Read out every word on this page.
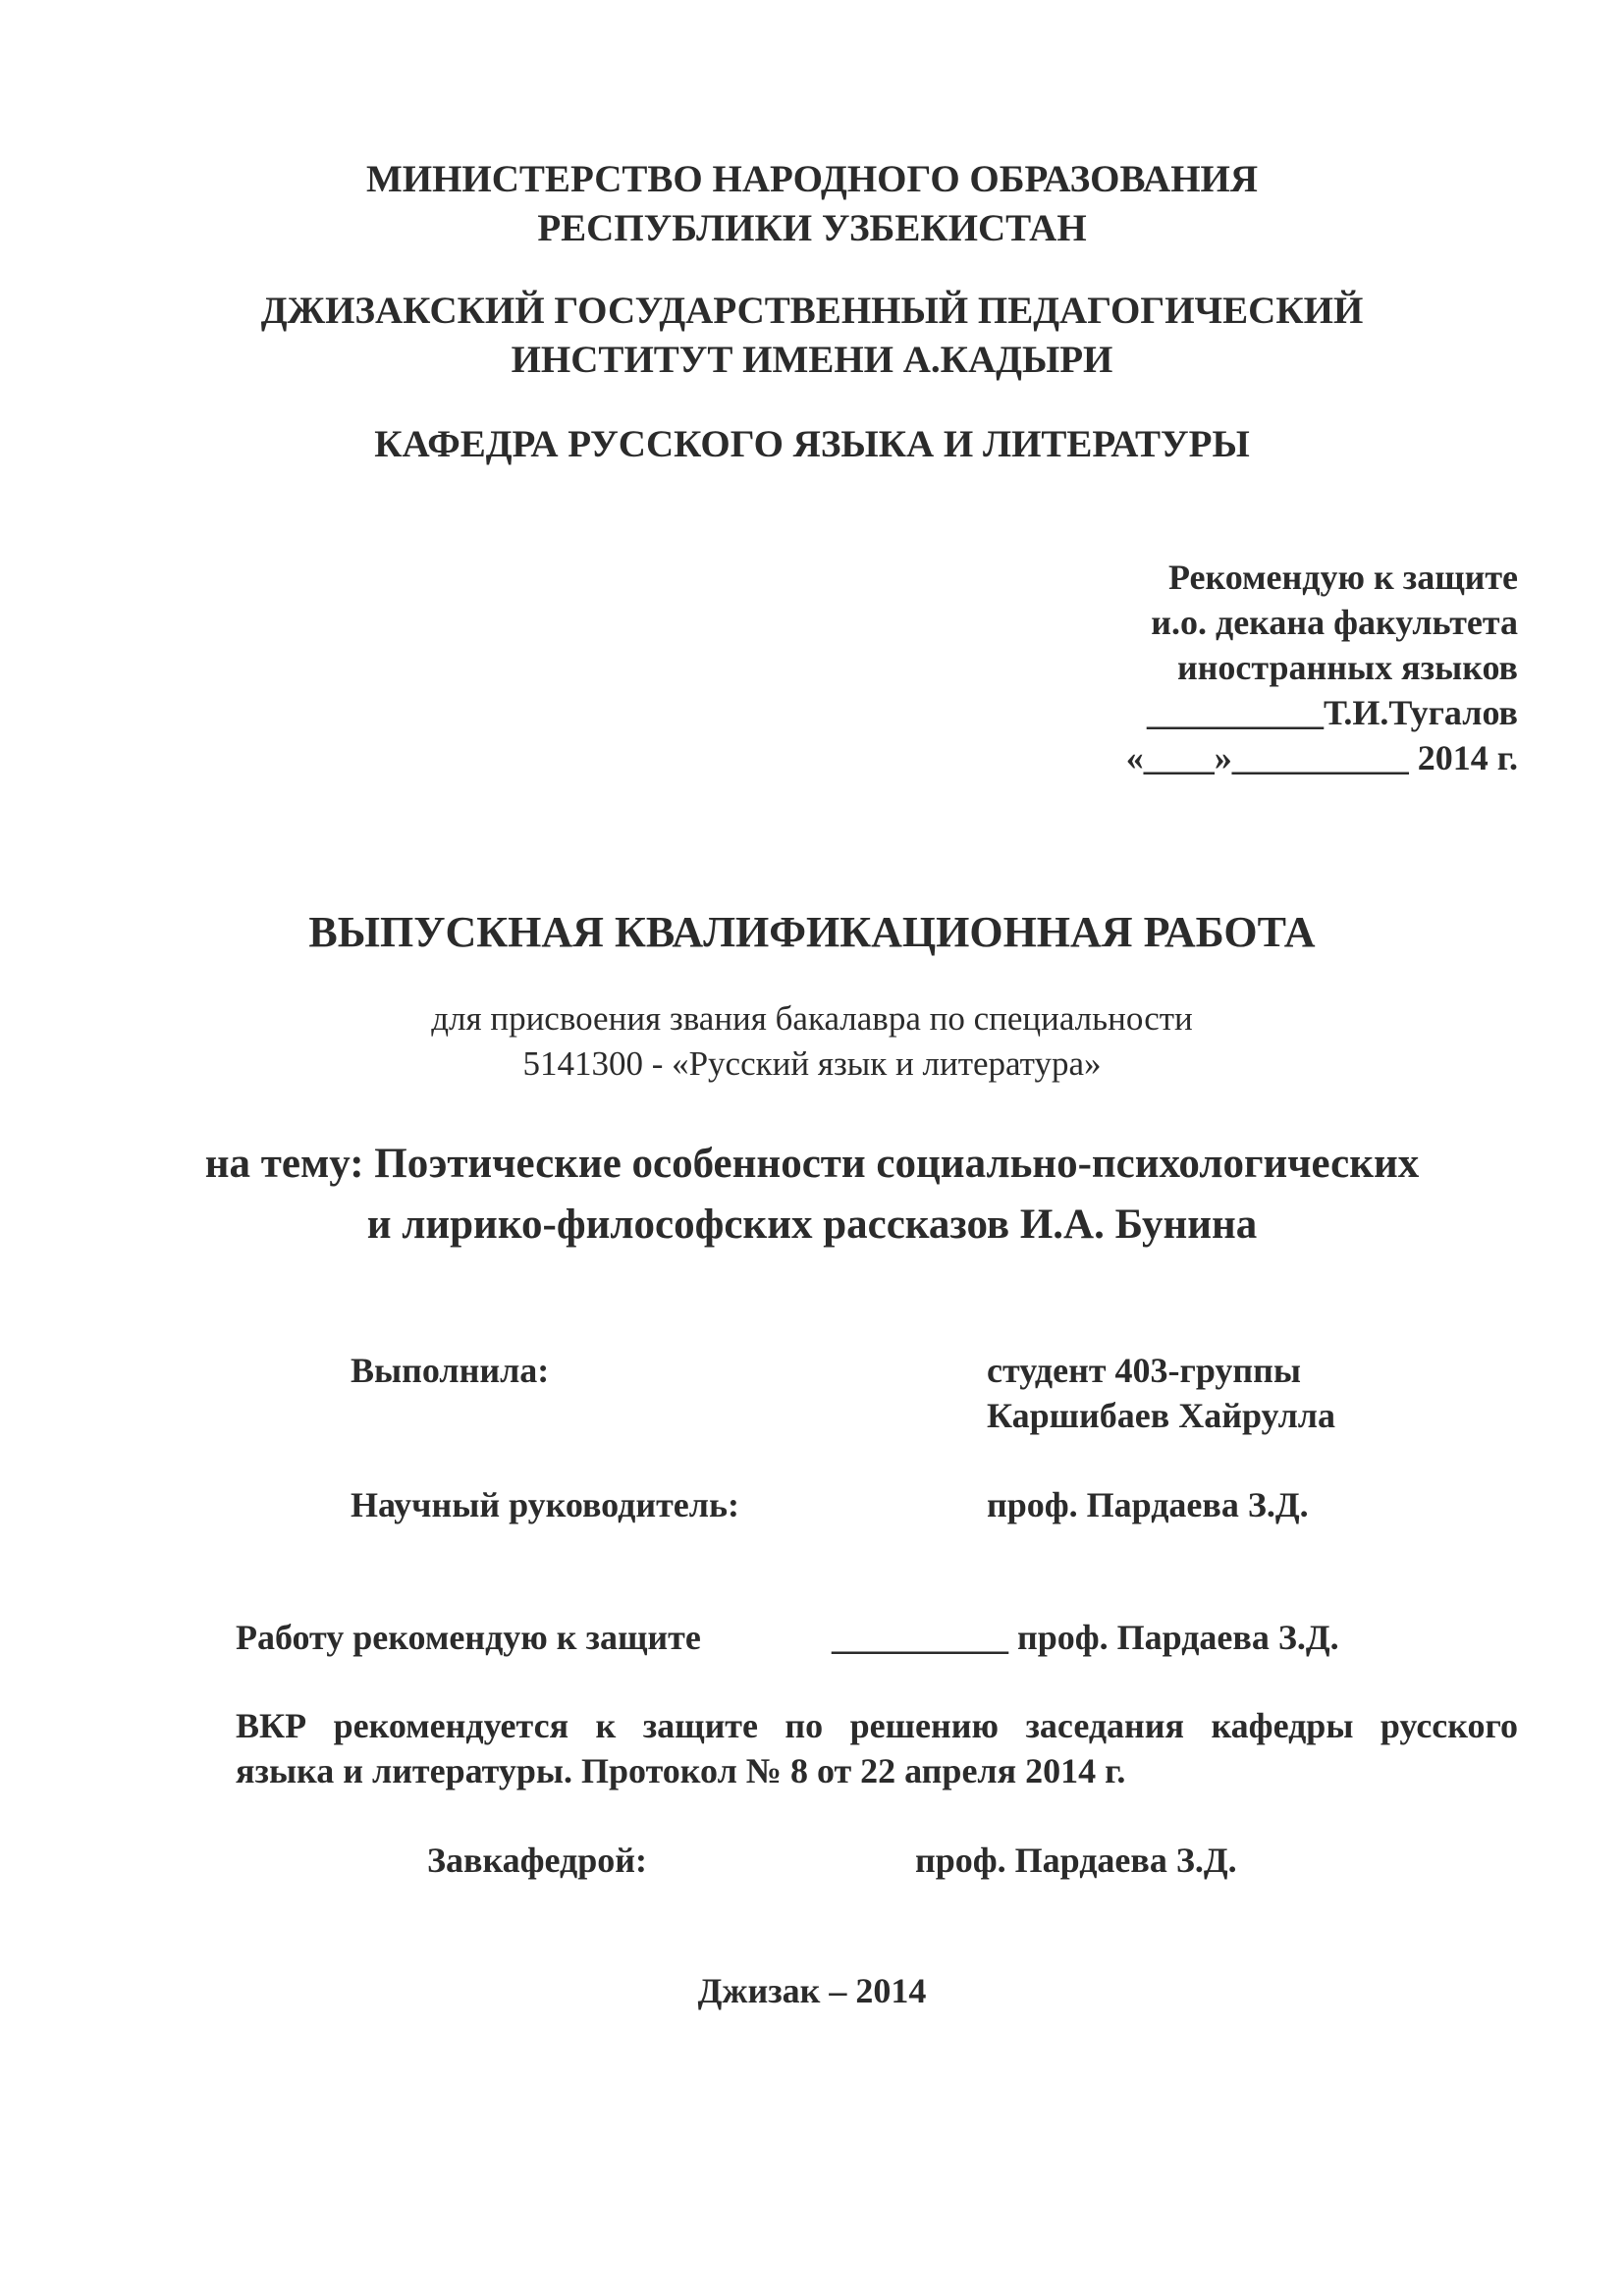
МИНИСТЕРСТВО НАРОДНОГО ОБРАЗОВАНИЯ
РЕСПУБЛИКИ УЗБЕКИСТАН
ДЖИЗАКСКИЙ ГОСУДАРСТВЕННЫЙ ПЕДАГОГИЧЕСКИЙ
ИНСТИТУТ ИМЕНИ А.КАДЫРИ
КАФЕДРА РУССКОГО ЯЗЫКА И ЛИТЕРАТУРЫ
Рекомендую к защите
и.о. декана факультета
иностранных языков
__________Т.И.Тугалов
«____»__________ 2014 г.
ВЫПУСКНАЯ КВАЛИФИКАЦИОННАЯ РАБОТА
для присвоения звания бакалавра по специальности
5141300 - «Русский язык и литература»
на тему: Поэтические особенности социально-психологических
и лирико-философских рассказов И.А. Бунина
Выполнила:	студент 403-группы
Каршибаев Хайрулла
Научный руководитель:	проф. Пардаева З.Д.
Работу рекомендую к защите	__________ проф. Пардаева З.Д.
ВКР рекомендуется к защите по решению заседания кафедры русского
языка и литературы. Протокол № 8 от 22 апреля 2014 г.
Завкафедрой:	проф. Пардаева З.Д.
Джизак – 2014
